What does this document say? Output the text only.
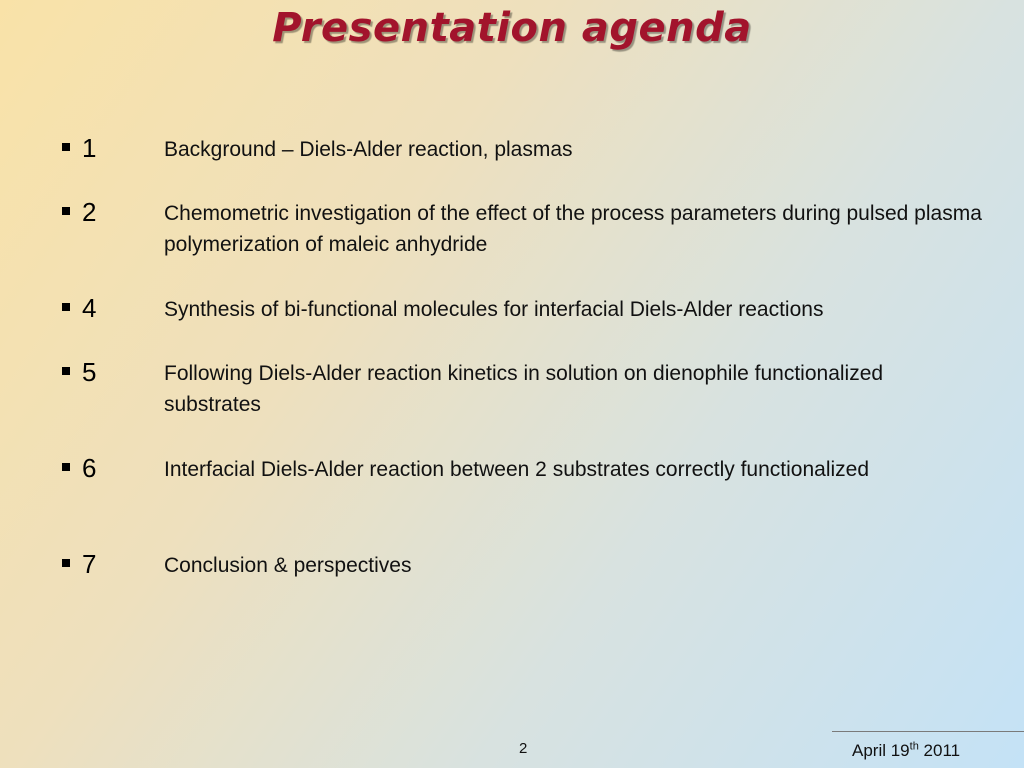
Presentation agenda
1	Background – Diels-Alder reaction, plasmas
2	Chemometric investigation of the effect of the process parameters during pulsed plasma polymerization of maleic anhydride
4	Synthesis of bi-functional molecules for interfacial Diels-Alder reactions
5	Following Diels-Alder reaction kinetics in solution on dienophile functionalized substrates
6	Interfacial Diels-Alder reaction between 2 substrates correctly functionalized
7	Conclusion & perspectives
2	April 19th 2011
